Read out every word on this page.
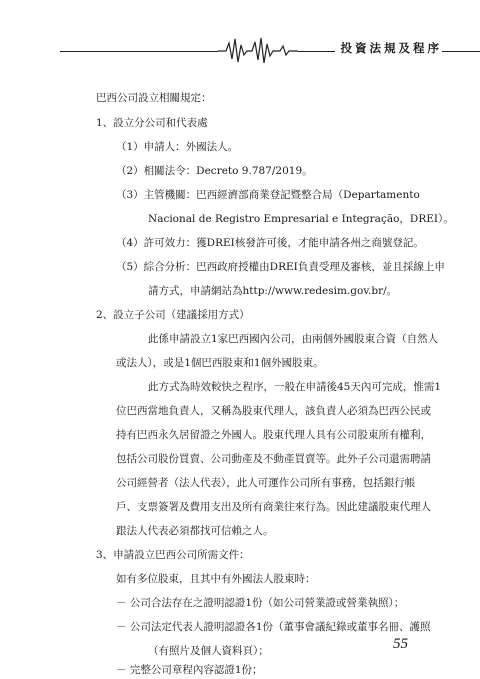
投資法規及程序
巴西公司設立相關規定：
1、設立分公司和代表處
（1）申請人：外國法人。
（2）相關法令：Decreto 9.787/2019。
（3）主管機關：巴西經濟部商業登記暨整合局（Departamento
Nacional de Registro Empresarial e Integração，DREI）。
（4）許可效力：獲DREI核發許可後，才能申請各州之商號登記。
（5）綜合分析：巴西政府授權由DREI負責受理及審核，並且採線上申
請方式，申請網站為http://www.redesim.gov.br/。
2、設立子公司（建議採用方式）
此係申請設立1家巴西國內公司，由兩個外國股東合資（自然人
或法人），或是1個巴西股東和1個外國股東。
此方式為時效較快之程序，一般在申請後45天內可完成，惟需1
位巴西當地負責人，又稱為股東代理人，該負責人必須為巴西公民或
持有巴西永久居留證之外國人。股東代理人具有公司股東所有權利，
包括公司股份買賣、公司動產及不動產買賣等。此外子公司還需聘請
公司經營者（法人代表），此人可運作公司所有事務，包括銀行帳
戶、支票簽署及費用支出及所有商業往來行為。因此建議股東代理人
跟法人代表必須都找可信賴之人。
3、申請設立巴西公司所需文件：
如有多位股東，且其中有外國法人股東時：
－ 公司合法存在之證明認證1份（如公司營業證或營業執照）；
－ 公司法定代表人證明認證各1份（董事會議紀錄或董事名冊、護照
（有照片及個人資料頁）；
－ 完整公司章程內容認證1份；
55
